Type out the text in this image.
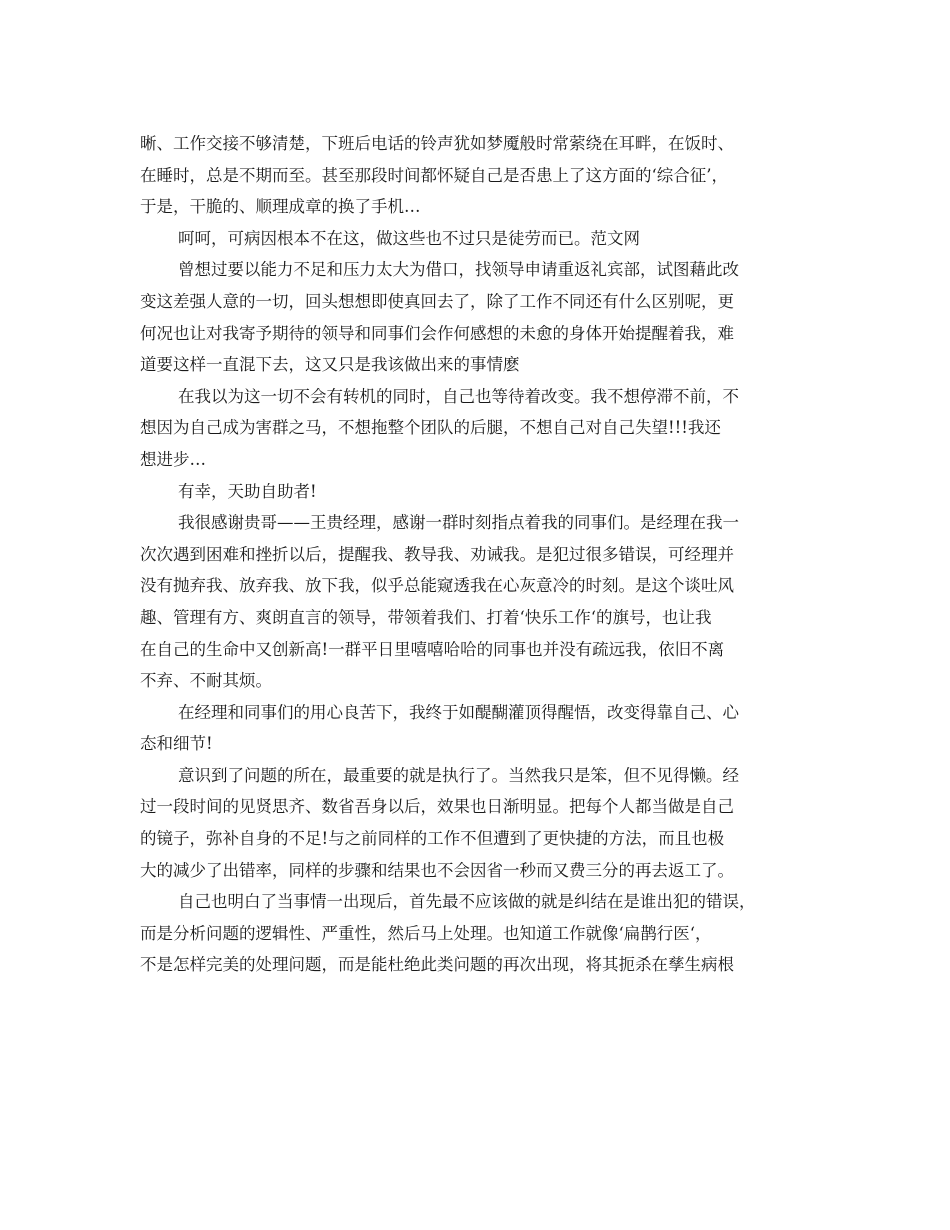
晰、工作交接不够清楚，下班后电话的铃声犹如梦魇般时常萦绕在耳畔，在饭时、
在睡时，总是不期而至。甚至那段时间都怀疑自己是否患上了这方面的‘综合征’，
于是，干脆的、顺理成章的换了手机…
呵呵，可病因根本不在这，做这些也不过只是徒劳而已。范文网
曾想过要以能力不足和压力太大为借口，找领导申请重返礼宾部，试图藉此改
变这差强人意的一切，回头想想即使真回去了，除了工作不同还有什么区别呢，更
何况也让对我寄予期待的领导和同事们会作何感想的未愈的身体开始提醒着我，难
道要这样一直混下去，这又只是我该做出来的事情麽
在我以为这一切不会有转机的同时，自己也等待着改变。我不想停滞不前，不
想因为自己成为害群之马，不想拖整个团队的后腿，不想自己对自己失望!!!我还
想进步…
有幸，天助自助者!
我很感谢贵哥——王贵经理，感谢一群时刻指点着我的同事们。是经理在我一
次次遇到困难和挫折以后，提醒我、教导我、劝诫我。是犯过很多错误，可经理并
没有抛弃我、放弃我、放下我，似乎总能窥透我在心灰意冷的时刻。是这个谈吐风
趣、管理有方、爽朗直言的领导，带领着我们、打着‘快乐工作‘的旗号，也让我
在自己的生命中又创新高!一群平日里嘻嘻哈哈的同事也并没有疏远我，依旧不离
不弃、不耐其烦。
在经理和同事们的用心良苦下，我终于如醍醐灌顶得醒悟，改变得靠自己、心
态和细节!
意识到了问题的所在，最重要的就是执行了。当然我只是笨，但不见得懒。经
过一段时间的见贤思齐、数省吾身以后，效果也日渐明显。把每个人都当做是自己
的镜子，弥补自身的不足!与之前同样的工作不但遭到了更快捷的方法，而且也极
大的减少了出错率，同样的步骤和结果也不会因省一秒而又费三分的再去返工了。
自己也明白了当事情一出现后，首先最不应该做的就是纠结在是谁出犯的错误，
而是分析问题的逻辑性、严重性，然后马上处理。也知道工作就像‘扁鹊行医‘，
不是怎样完美的处理问题，而是能杜绝此类问题的再次出现，将其扼杀在孳生病根
